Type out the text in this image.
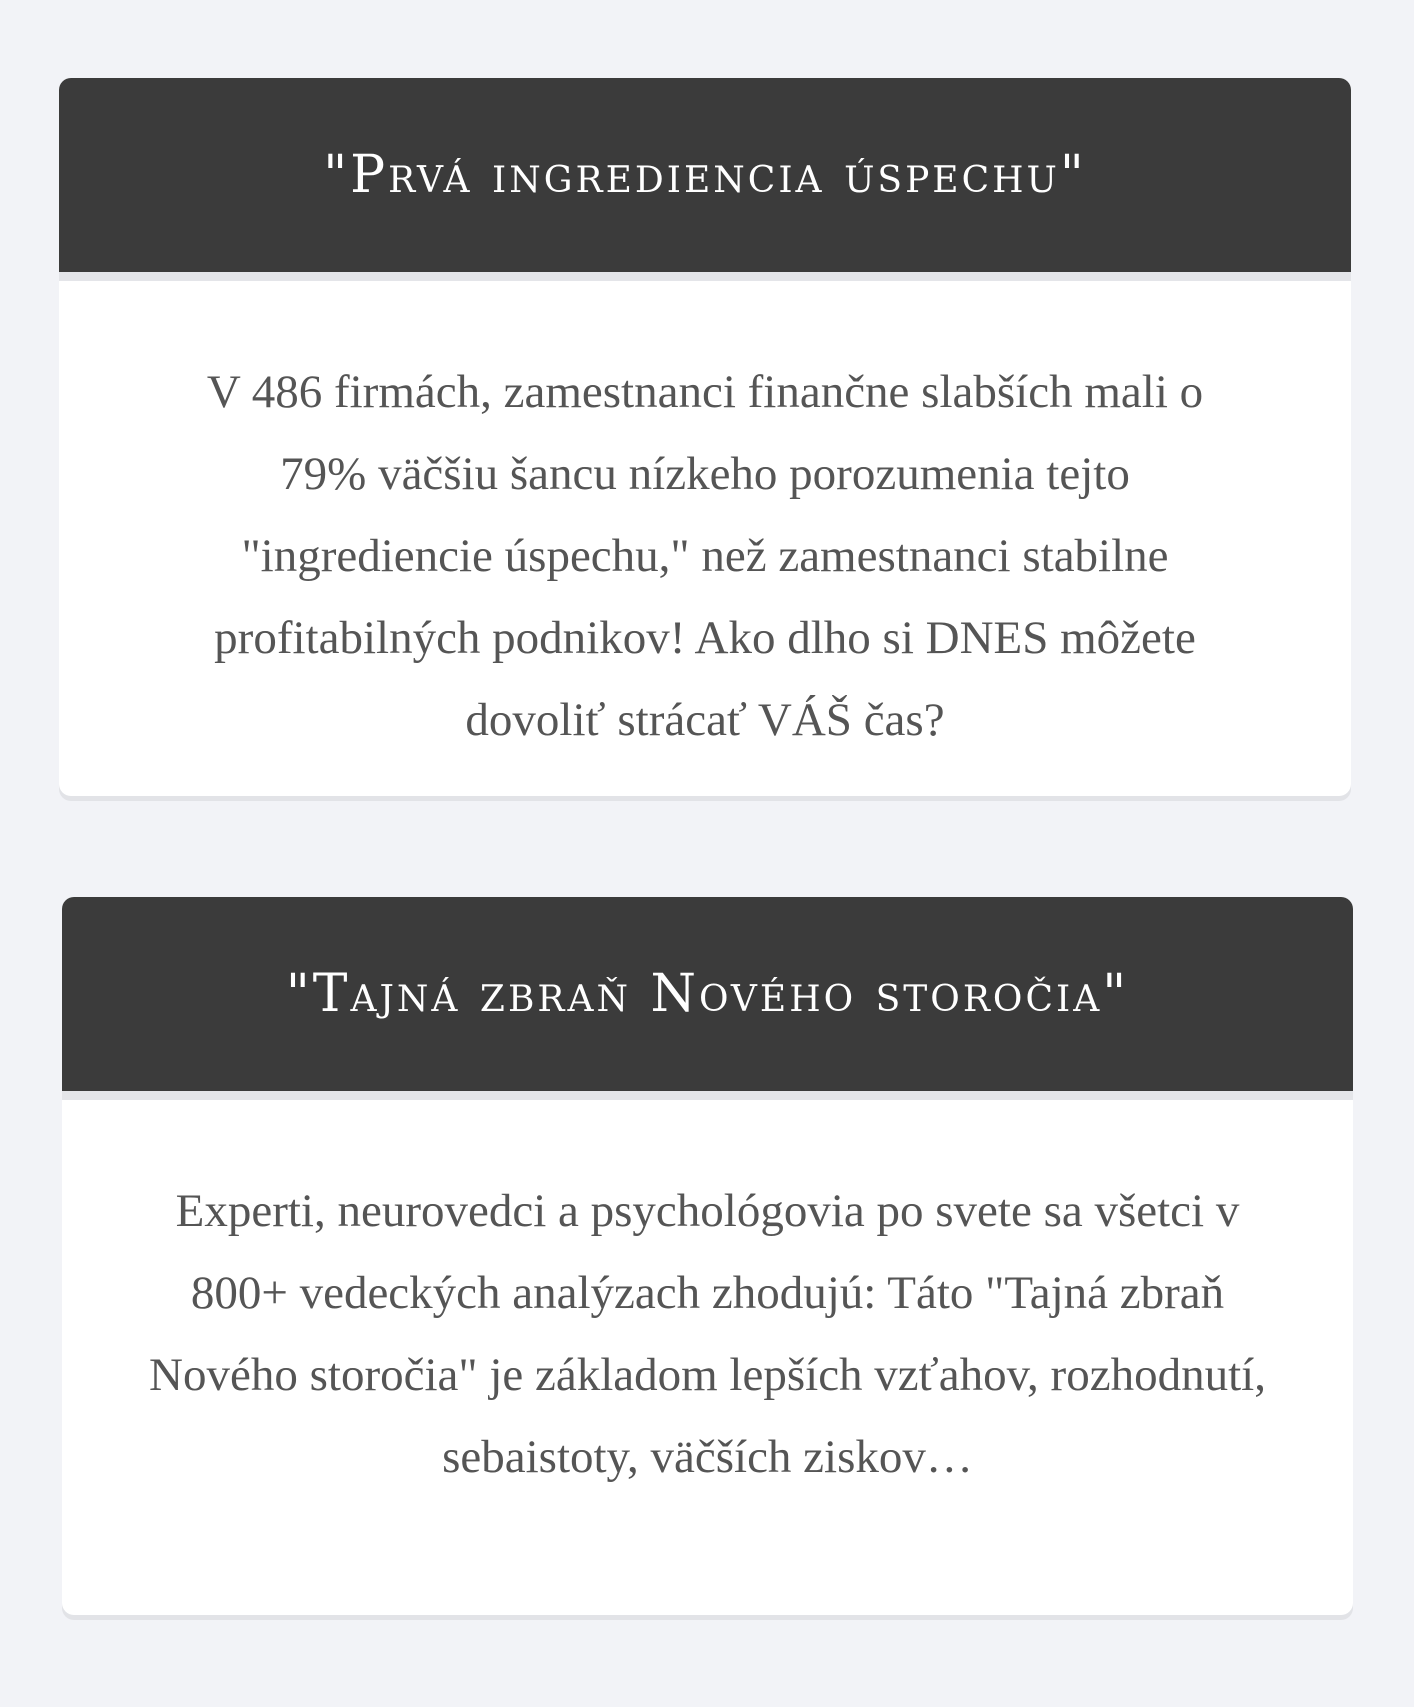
"Prvá ingrediencia úspechu"

V 486 firmách, zamestnanci finančne slabších mali o 79% väčšiu šancu nízkeho porozumenia tejto "ingrediencie úspechu," než zamestnanci stabilne profitabilných podnikov! Ako dlho si DNES môžete dovoliť strácať VÁŠ čas?

"Tajná zbraň Nového storočia"

Experti, neurovedci a psychológovia po svete sa všetci v 800+ vedeckých analýzach zhodujú: Táto "Tajná zbraň Nového storočia" je základom lepších vzťahov, rozhodnutí, sebaistoty, väčších ziskov…
